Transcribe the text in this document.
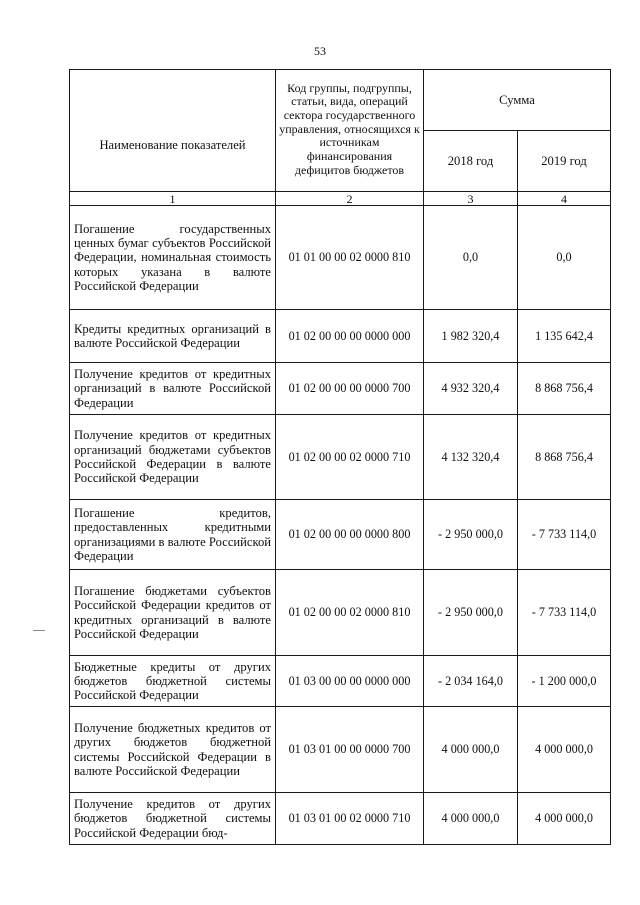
53
Наименование показателей	Код группы, подгруппы, статьи, вида, операций сектора государственного управления, относящихся к источникам финансирования дефицитов бюджетов	Сумма	
		2018 год	2019 год
1	2	3	4
Погашение государственных ценных бумаг субъектов Российской Федерации, номинальная стоимость которых указана в валюте Российской Федерации	01 01 00 00 02 0000 810	0,0	0,0
Кредиты кредитных организаций в валюте Российской Федерации	01 02 00 00 00 0000 000	1 982 320,4	1 135 642,4
Получение кредитов от кредитных организаций в валюте Российской Федерации	01 02 00 00 00 0000 700	4 932 320,4	8 868 756,4
Получение кредитов от кредитных организаций бюджетами субъектов Российской Федерации в валюте Российской Федерации	01 02 00 00 02 0000 710	4 132 320,4	8 868 756,4
Погашение кредитов, предоставленных кредитными организациями в валюте Российской Федерации	01 02 00 00 00 0000 800	- 2 950 000,0	- 7 733 114,0
Погашение бюджетами субъектов Российской Федерации кредитов от кредитных организаций в валюте Российской Федерации	01 02 00 00 02 0000 810	- 2 950 000,0	- 7 733 114,0
Бюджетные кредиты от других бюджетов бюджетной системы Российской Федерации	01 03 00 00 00 0000 000	- 2 034 164,0	- 1 200 000,0
Получение бюджетных кредитов от других бюджетов бюджетной системы Российской Федерации в валюте Российской Федерации	01 03 01 00 00 0000 700	4 000 000,0	4 000 000,0
Получение кредитов от других бюджетов бюджетной системы Российской Федерации бюд-	01 03 01 00 02 0000 710	4 000 000,0	4 000 000,0
